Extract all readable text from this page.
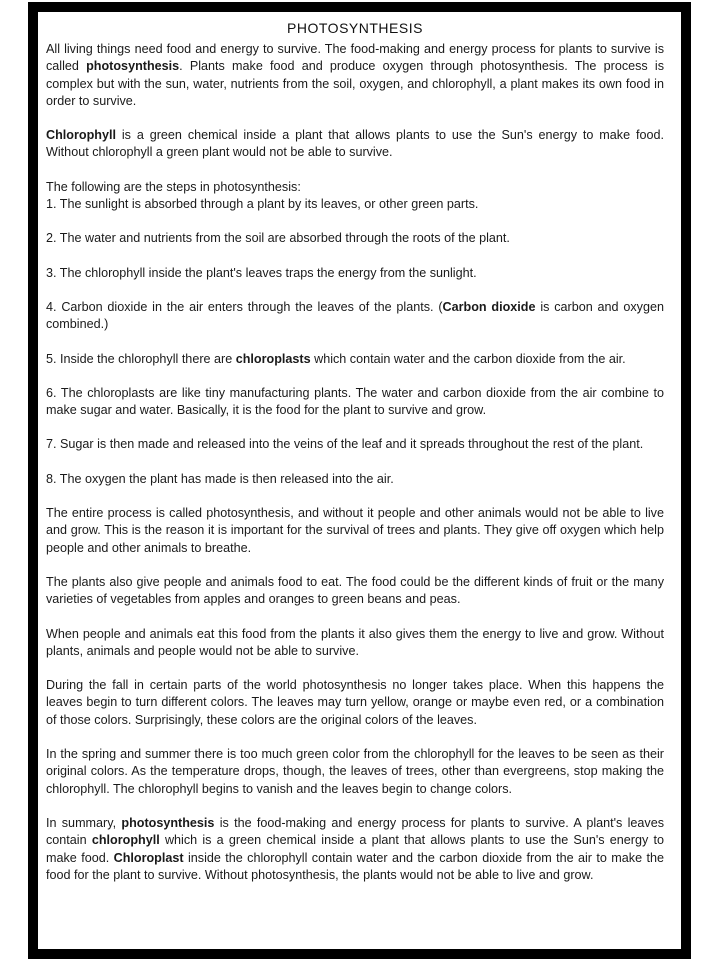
PHOTOSYNTHESIS

All living things need food and energy to survive. The food-making and energy process for plants to survive is called photosynthesis. Plants make food and produce oxygen through photosynthesis. The process is complex but with the sun, water, nutrients from the soil, oxygen, and chlorophyll, a plant makes its own food in order to survive.

Chlorophyll is a green chemical inside a plant that allows plants to use the Sun's energy to make food. Without chlorophyll a green plant would not be able to survive.

The following are the steps in photosynthesis:

1. The sunlight is absorbed through a plant by its leaves, or other green parts.

2. The water and nutrients from the soil are absorbed through the roots of the plant.

3. The chlorophyll inside the plant's leaves traps the energy from the sunlight.

4. Carbon dioxide in the air enters through the leaves of the plants. (Carbon dioxide is carbon and oxygen combined.)

5. Inside the chlorophyll there are chloroplasts which contain water and the carbon dioxide from the air.

6. The chloroplasts are like tiny manufacturing plants. The water and carbon dioxide from the air combine to make sugar and water. Basically, it is the food for the plant to survive and grow.

7. Sugar is then made and released into the veins of the leaf and it spreads throughout the rest of the plant.

8. The oxygen the plant has made is then released into the air.

The entire process is called photosynthesis, and without it people and other animals would not be able to live and grow. This is the reason it is important for the survival of trees and plants. They give off oxygen which help people and other animals to breathe.

The plants also give people and animals food to eat. The food could be the different kinds of fruit or the many varieties of vegetables from apples and oranges to green beans and peas.

When people and animals eat this food from the plants it also gives them the energy to live and grow. Without plants, animals and people would not be able to survive.

During the fall in certain parts of the world photosynthesis no longer takes place. When this happens the leaves begin to turn different colors. The leaves may turn yellow, orange or maybe even red, or a combination of those colors. Surprisingly, these colors are the original colors of the leaves.

In the spring and summer there is too much green color from the chlorophyll for the leaves to be seen as their original colors. As the temperature drops, though, the leaves of trees, other than evergreens, stop making the chlorophyll. The chlorophyll begins to vanish and the leaves begin to change colors.

In summary, photosynthesis is the food-making and energy process for plants to survive. A plant's leaves contain chlorophyll which is a green chemical inside a plant that allows plants to use the Sun's energy to make food. Chloroplast inside the chlorophyll contain water and the carbon dioxide from the air to make the food for the plant to survive. Without photosynthesis, the plants would not be able to live and grow.
